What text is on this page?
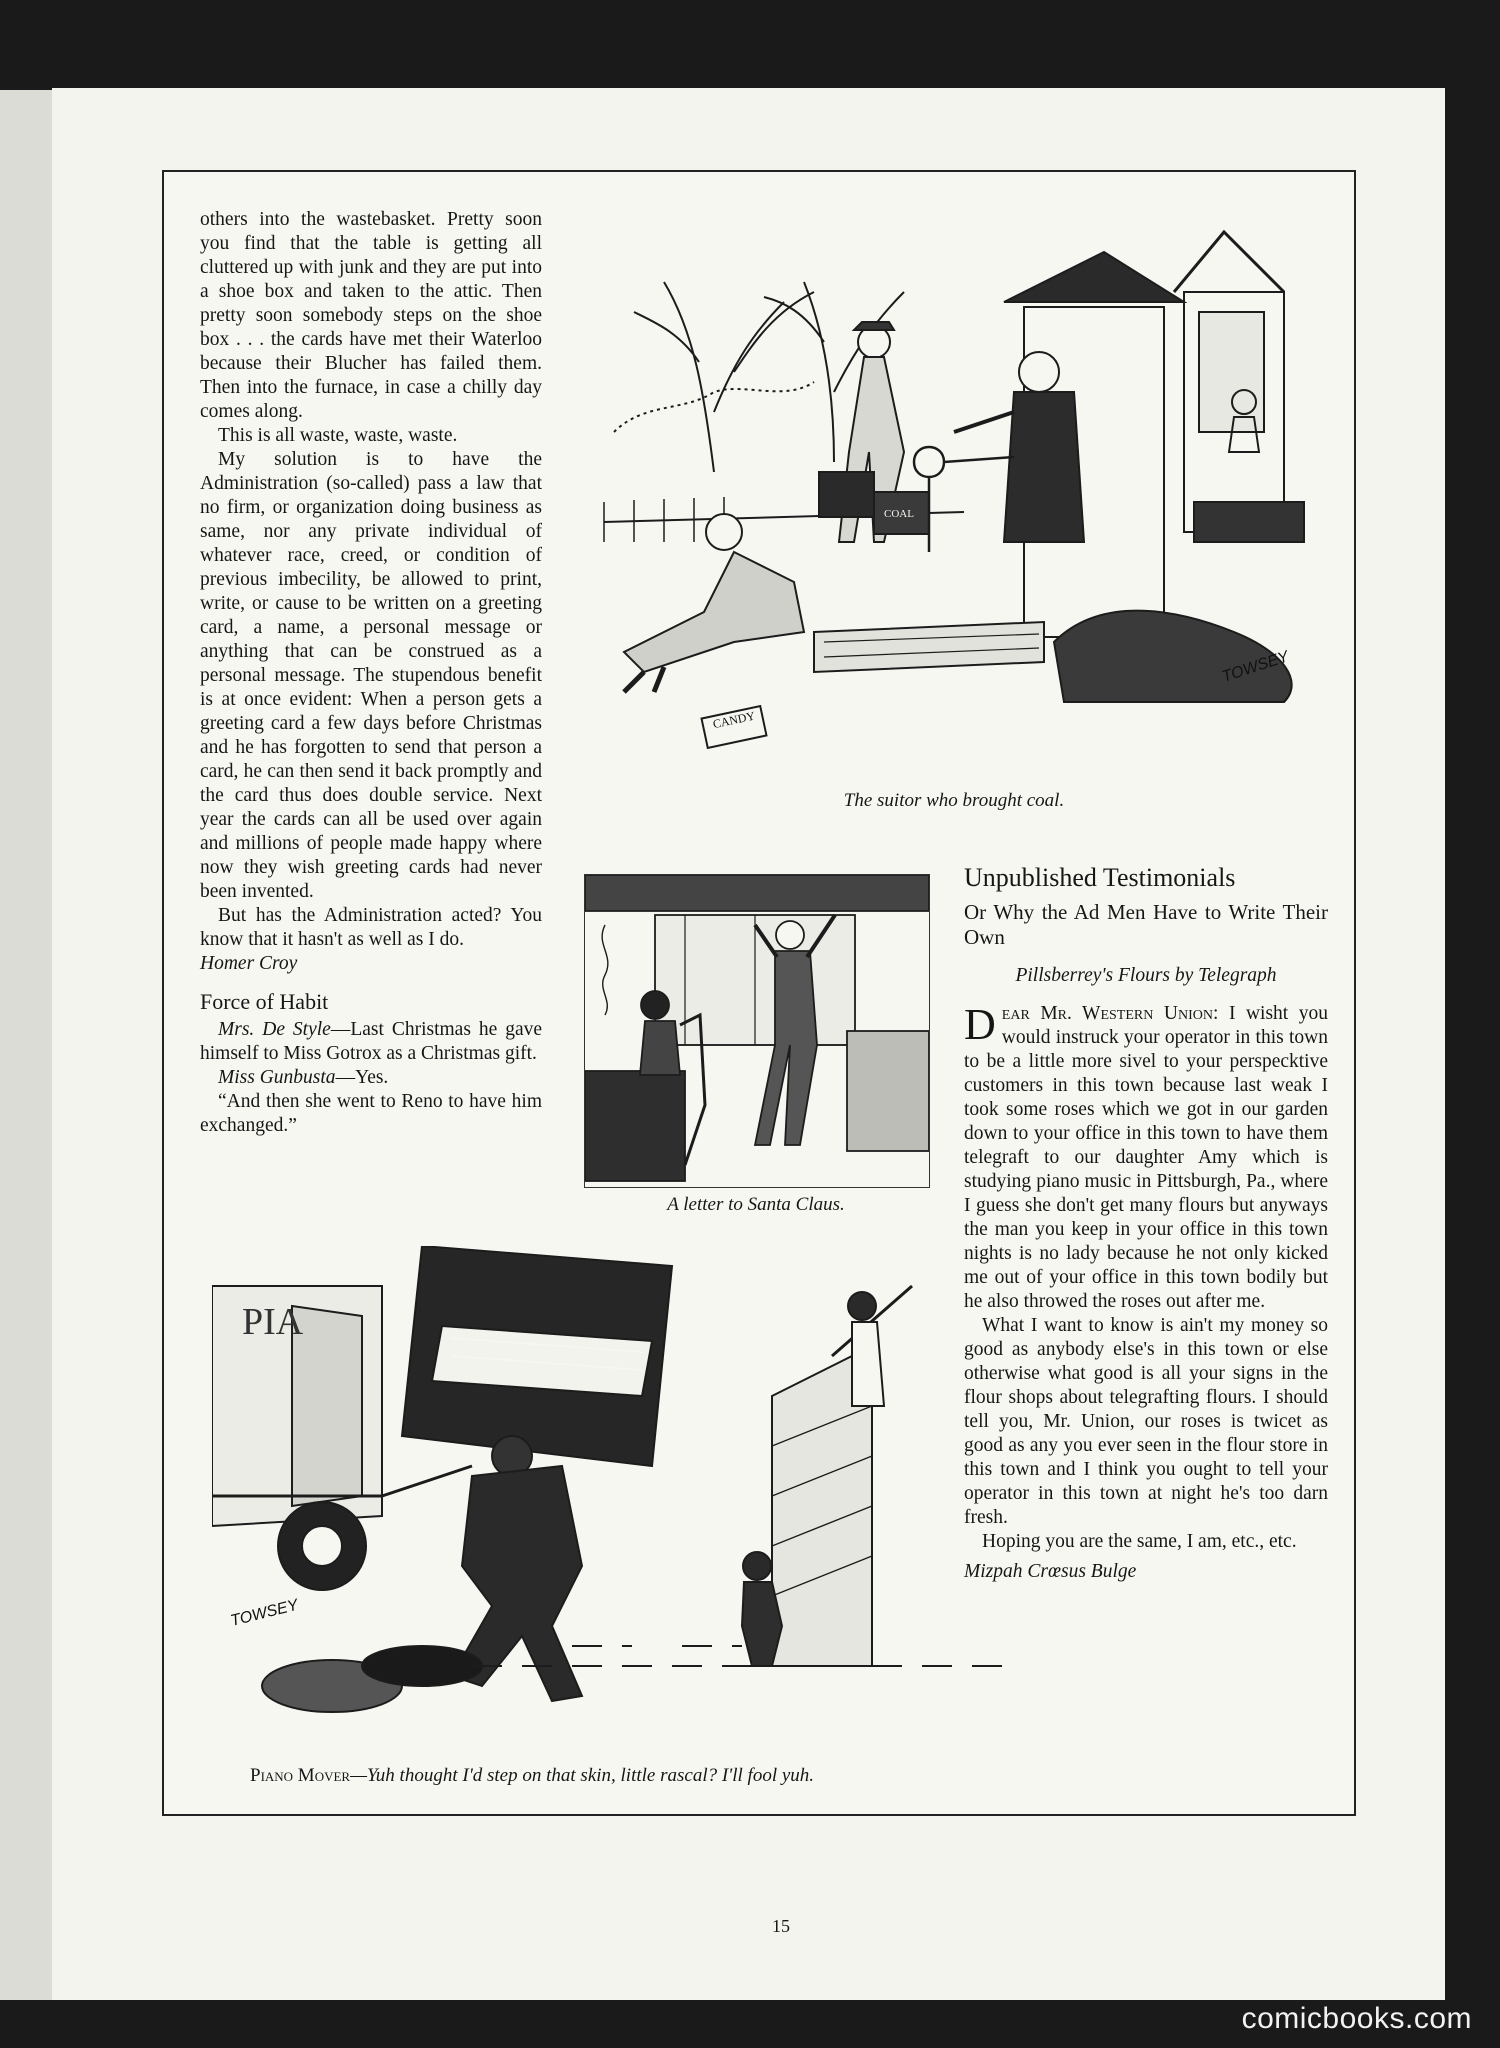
others into the wastebasket. Pretty soon you find that the table is getting all cluttered up with junk and they are put into a shoe box and taken to the attic. Then pretty soon somebody steps on the shoe box . . . the cards have met their Waterloo because their Blucher has failed them. Then into the furnace, in case a chilly day comes along.

This is all waste, waste, waste.

My solution is to have the Administration (so-called) pass a law that no firm, or organization doing business as same, nor any private individual of whatever race, creed, or condition of previous imbecility, be allowed to print, write, or cause to be written on a greeting card, a name, a personal message or anything that can be construed as a personal message. The stupendous benefit is at once evident: When a person gets a greeting card a few days before Christmas and he has forgotten to send that person a card, he can then send it back promptly and the card thus does double service. Next year the cards can all be used over again and millions of people made happy where now they wish greeting cards had never been invented.

But has the Administration acted? You know that it hasn't as well as I do.

Homer Croy

Force of Habit

Mrs. De Style—Last Christmas he gave himself to Miss Gotrox as a Christmas gift.

Miss Gunbusta—Yes.

“And then she went to Reno to have him exchanged.”

CANDY
COAL
TOWSEY
The suitor who brought coal.
A letter to Santa Claus.
PIA
TOWSEY
Piano Mover—Yuh thought I'd step on that skin, little rascal? I'll fool yuh.

Unpublished Testimonials

Or Why the Ad Men Have to Write Their Own

Pillsberrey's Flours by Telegraph

Dear Mr. Western Union: I wisht you would instruck your operator in this town to be a little more sivel to your perspecktive customers in this town because last weak I took some roses which we got in our garden down to your office in this town to have them telegraft to our daughter Amy which is studying piano music in Pittsburgh, Pa., where I guess she don't get many flours but anyways the man you keep in your office in this town nights is no lady because he not only kicked me out of your office in this town bodily but he also throwed the roses out after me.

What I want to know is ain't my money so good as anybody else's in this town or else otherwise what good is all your signs in the flour shops about telegrafting flours. I should tell you, Mr. Union, our roses is twicet as good as any you ever seen in the flour store in this town and I think you ought to tell your operator in this town at night he's too darn fresh.

Hoping you are the same, I am, etc., etc.

Mizpah Crœsus Bulge

15
comicbooks.com
